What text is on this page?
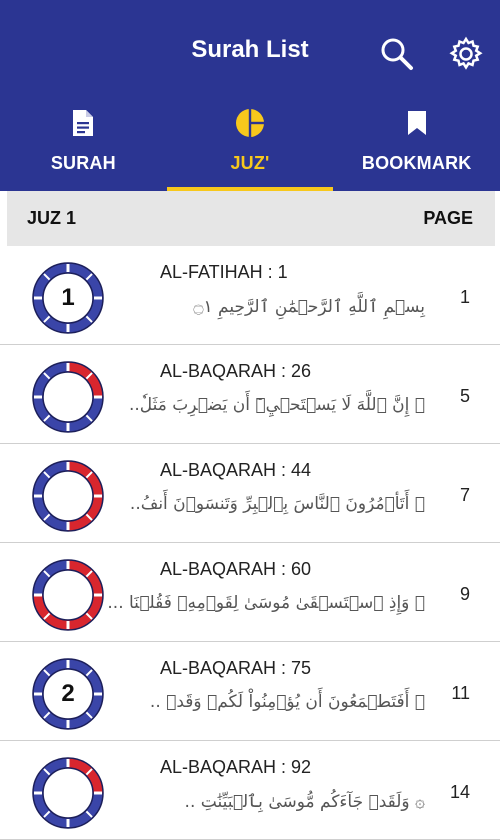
Surah List
SURAH	JUZ'	BOOKMARK
JUZ 1	PAGE
1
AL-FATIHAH : 1
بِسۡمِ ٱللَّهِ ٱلرَّحۡمَٰنِ ٱلرَّحِيمِ ۝١ 1
AL-BAQARAH : 26
۞ إِنَّ ٱللَّهَ لَا يَسۡتَحۡيِۦٓ أَن يَضۡرِبَ مَثَلٗ.. 5
AL-BAQARAH : 44
۞ أَتَأۡمُرُونَ ٱلنَّاسَ بِٱلۡبِرِّ وَتَنسَوۡنَ أَنفُ.. 7
AL-BAQARAH : 60
۞ وَإِذِ ٱسۡتَسۡقَىٰ مُوسَىٰ لِقَوۡمِهِۦ فَقُلۡنَا ... 9
2
AL-BAQARAH : 75
۞ أَفَتَطۡمَعُونَ أَن يُؤۡمِنُواْ لَكُمۡ وَقَدۡ .. 11
AL-BAQARAH : 92
۞ وَلَقَدۡ جَآءَكُم مُّوسَىٰ بِٱلۡبَيِّنَٰتِ .. 14
